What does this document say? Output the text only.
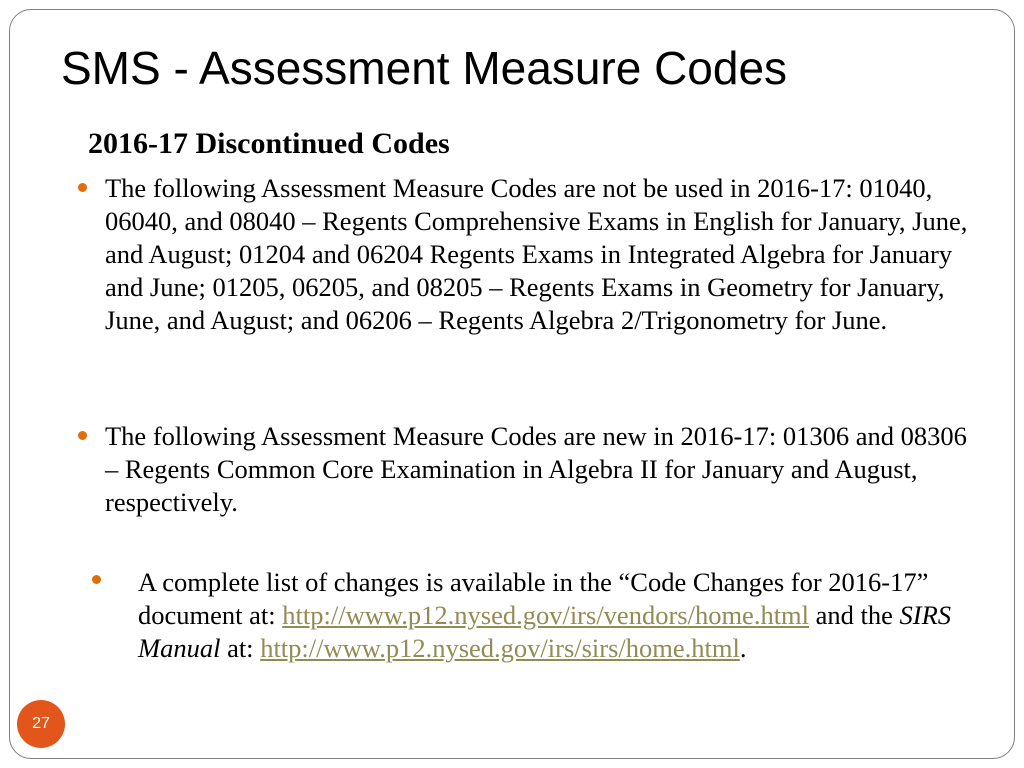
SMS - Assessment Measure Codes
2016-17 Discontinued Codes

The following Assessment Measure Codes are not be used in 2016-17: 01040, 06040, and 08040 – Regents Comprehensive Exams in English for January, June, and August; 01204 and 06204 Regents Exams in Integrated Algebra for January and June; 01205, 06205, and 08205 – Regents Exams in Geometry for January, June, and August; and 06206 – Regents Algebra 2/Trigonometry for June.

The following Assessment Measure Codes are new in 2016-17: 01306 and 08306 – Regents Common Core Examination in Algebra II for January and August, respectively.

A complete list of changes is available in the “Code Changes for 2016-17” document at: http://www.p12.nysed.gov/irs/vendors/home.html and the SIRS Manual at: http://www.p12.nysed.gov/irs/sirs/home.html.

27
